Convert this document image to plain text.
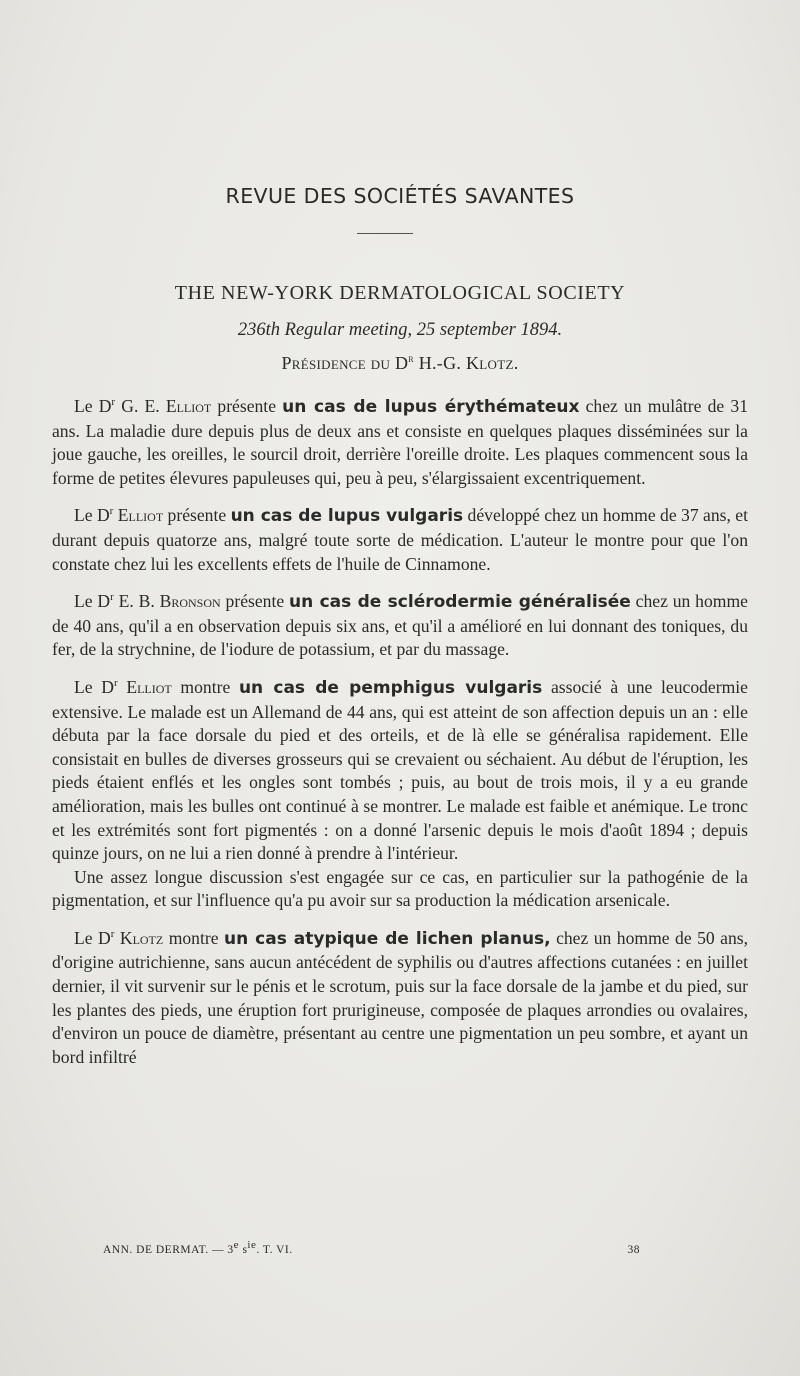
REVUE DES SOCIÉTÉS SAVANTES
THE NEW-YORK DERMATOLOGICAL SOCIETY

236th Regular meeting, 25 september 1894.

Présidence du $D^r$ H.-G. Klotz.

Le $D^r$ G. E. Elliot présente un cas de lupus érythémateux chez un mulâtre de 31 ans. La maladie dure depuis plus de deux ans et consiste en quelques plaques disséminées sur la joue gauche, les oreilles, le sourcil droit, derrière l'oreille droite. Les plaques commencent sous la forme de petites élevures papuleuses qui, peu à peu, s'élargissaient excentriquement.

Le $D^r$ Elliot présente un cas de lupus vulgaris développé chez un homme de 37 ans, et durant depuis quatorze ans, malgré toute sorte de médication. L'auteur le montre pour que l'on constate chez lui les excellents effets de l'huile de Cinnamone.

Le $D^r$ E. B. Bronson présente un cas de sclérodermie généralisée chez un homme de 40 ans, qu'il a en observation depuis six ans, et qu'il a amélioré en lui donnant des toniques, du fer, de la strychnine, de l'iodure de potassium, et par du massage.

Le $D^r$ Elliot montre un cas de pemphigus vulgaris associé à une leucodermie extensive. Le malade est un Allemand de 44 ans, qui est atteint de son affection depuis un an : elle débuta par la face dorsale du pied et des orteils, et de là elle se généralisa rapidement. Elle consistait en bulles de diverses grosseurs qui se crevaient ou séchaient. Au début de l'éruption, les pieds étaient enflés et les ongles sont tombés ; puis, au bout de trois mois, il y a eu grande amélioration, mais les bulles ont continué à se montrer. Le malade est faible et anémique. Le tronc et les extrémités sont fort pigmentés : on a donné l'arsenic depuis le mois d'août 1894 ; depuis quinze jours, on ne lui a rien donné à prendre à l'intérieur.

Une assez longue discussion s'est engagée sur ce cas, en particulier sur la pathogénie de la pigmentation, et sur l'influence qu'a pu avoir sur sa production la médication arsenicale.

Le $D^r$ Klotz montre un cas atypique de lichen planus, chez un homme de 50 ans, d'origine autrichienne, sans aucun antécédent de syphilis ou d'autres affections cutanées : en juillet dernier, il vit survenir sur le pénis et le scrotum, puis sur la face dorsale de la jambe et du pied, sur les plantes des pieds, une éruption fort prurigineuse, composée de plaques arrondies ou ovalaires, d'environ un pouce de diamètre, présentant au centre une pigmentation un peu sombre, et ayant un bord infiltré

ANN. DE DERMAT. — 3e $s^{ie}$. T. VI.	38
